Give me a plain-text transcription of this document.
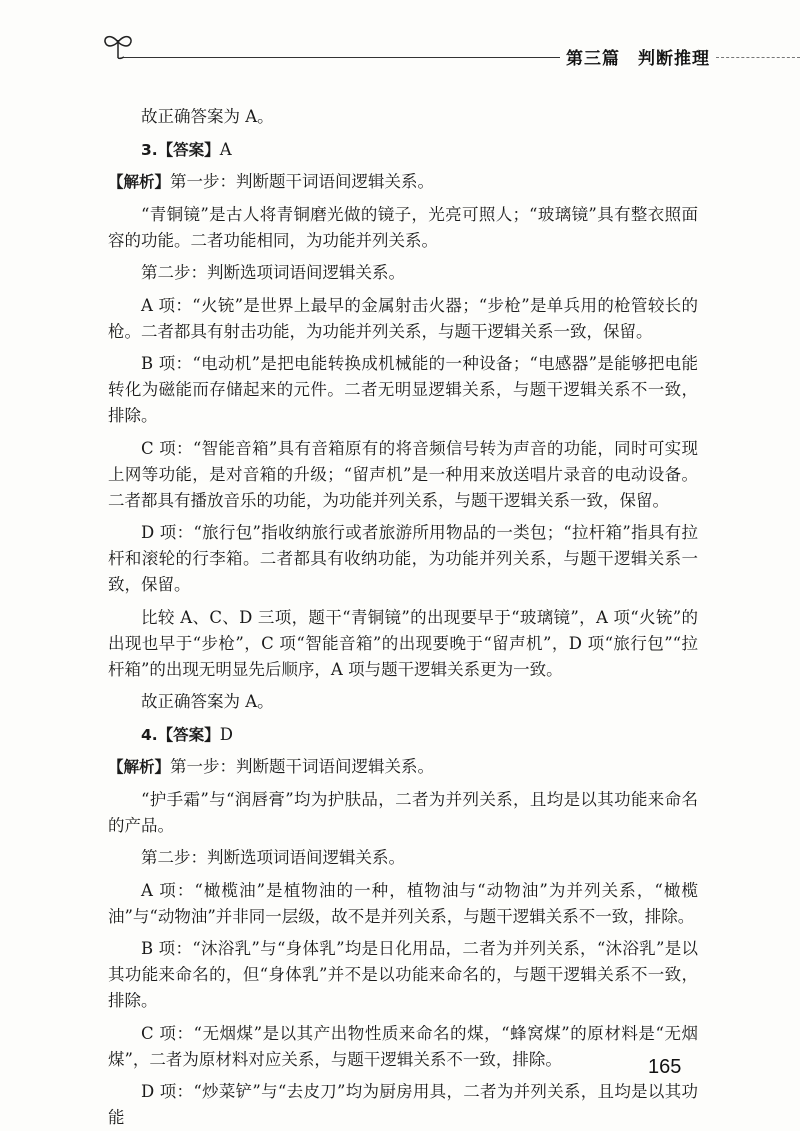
第三篇　判断推理

故正确答案为 A。

3.【答案】A

【解析】第一步：判断题干词语间逻辑关系。

“青铜镜”是古人将青铜磨光做的镜子，光亮可照人；“玻璃镜”具有整衣照面容的功能。二者功能相同，为功能并列关系。

第二步：判断选项词语间逻辑关系。

A 项：“火铳”是世界上最早的金属射击火器；“步枪”是单兵用的枪管较长的枪。二者都具有射击功能，为功能并列关系，与题干逻辑关系一致，保留。

B 项：“电动机”是把电能转换成机械能的一种设备；“电感器”是能够把电能转化为磁能而存储起来的元件。二者无明显逻辑关系，与题干逻辑关系不一致，排除。

C 项：“智能音箱”具有音箱原有的将音频信号转为声音的功能，同时可实现上网等功能，是对音箱的升级；“留声机”是一种用来放送唱片录音的电动设备。二者都具有播放音乐的功能，为功能并列关系，与题干逻辑关系一致，保留。

D 项：“旅行包”指收纳旅行或者旅游所用物品的一类包；“拉杆箱”指具有拉杆和滚轮的行李箱。二者都具有收纳功能，为功能并列关系，与题干逻辑关系一致，保留。

比较 A、C、D 三项，题干“青铜镜”的出现要早于“玻璃镜”，A 项“火铳”的出现也早于“步枪”，C 项“智能音箱”的出现要晚于“留声机”，D 项“旅行包”“拉杆箱”的出现无明显先后顺序，A 项与题干逻辑关系更为一致。

故正确答案为 A。

4.【答案】D

【解析】第一步：判断题干词语间逻辑关系。

“护手霜”与“润唇膏”均为护肤品，二者为并列关系，且均是以其功能来命名的产品。

第二步：判断选项词语间逻辑关系。

A 项：“橄榄油”是植物油的一种，植物油与“动物油”为并列关系，“橄榄油”与“动物油”并非同一层级，故不是并列关系，与题干逻辑关系不一致，排除。

B 项：“沐浴乳”与“身体乳”均是日化用品，二者为并列关系，“沐浴乳”是以其功能来命名的，但“身体乳”并不是以功能来命名的，与题干逻辑关系不一致，排除。

C 项：“无烟煤”是以其产出物性质来命名的煤，“蜂窝煤”的原材料是“无烟煤”，二者为原材料对应关系，与题干逻辑关系不一致，排除。

D 项：“炒菜铲”与“去皮刀”均为厨房用具，二者为并列关系，且均是以其功能

165
